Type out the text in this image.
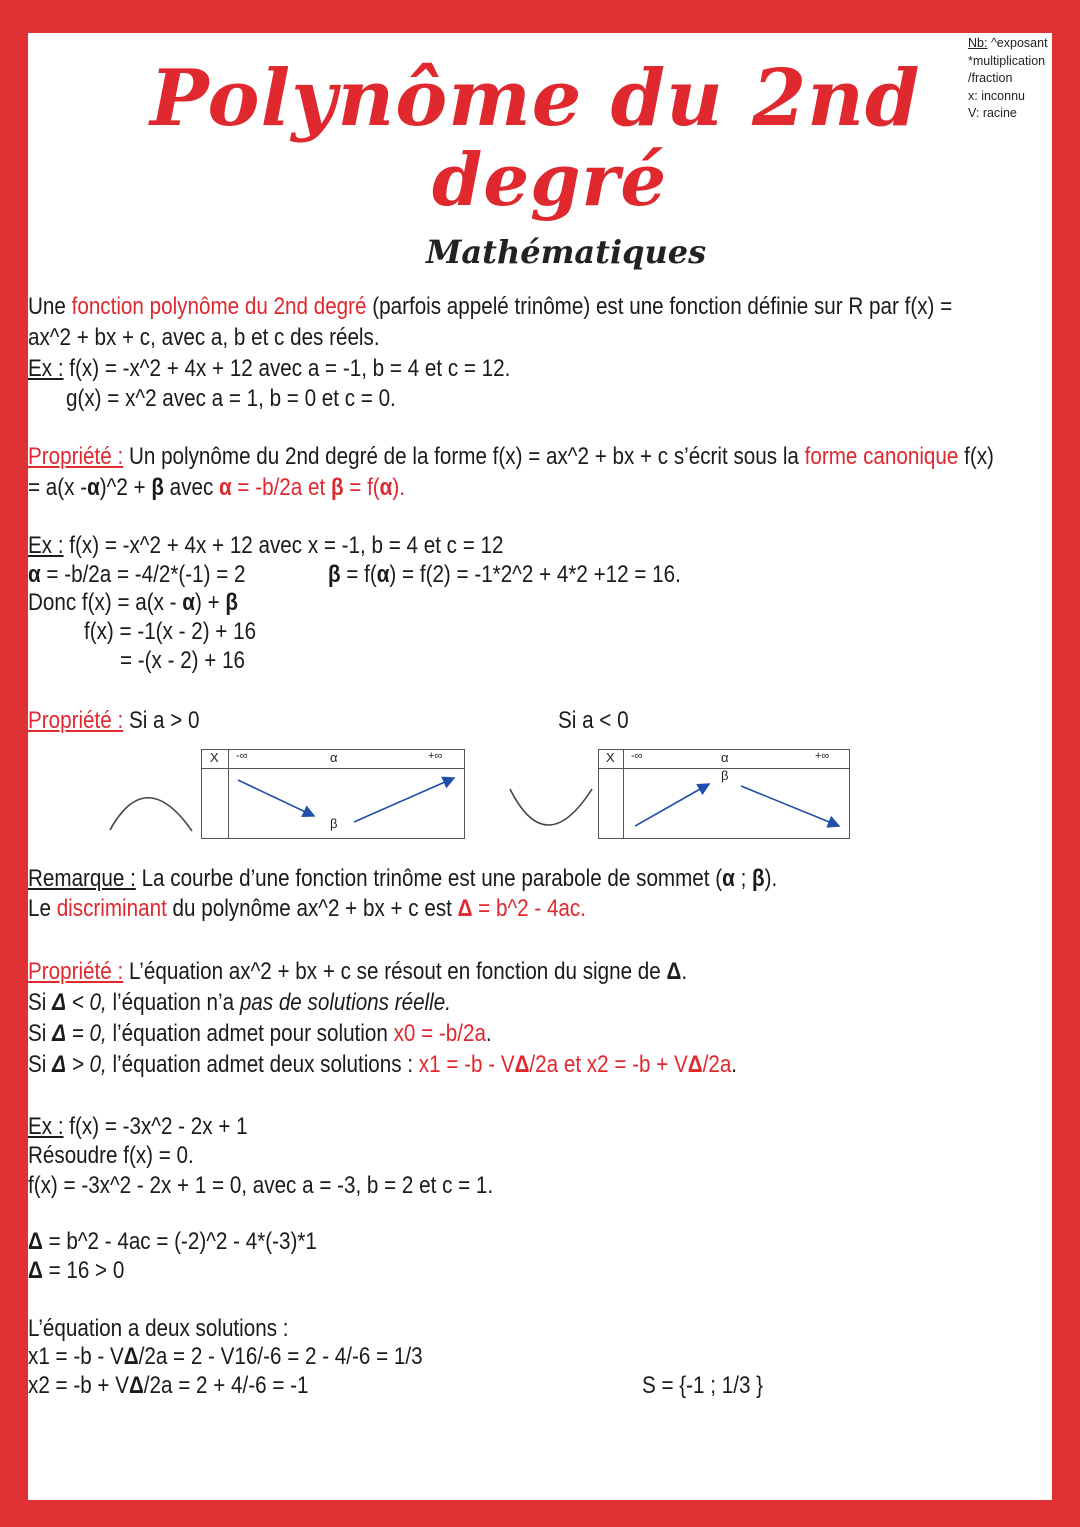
Polynôme du 2nd
degré
Mathématiques
Nb: ^exposant
*multiplication
/fraction
x: inconnu
V: racine
Une fonction polynôme du 2nd degré (parfois appelé trinôme) est une fonction définie sur R par f(x) =
ax^2 + bx + c, avec a, b et c des réels.
Ex : f(x) = -x^2 + 4x + 12 avec a = -1, b = 4 et c = 12.
g(x) = x^2 avec a = 1, b = 0 et c = 0.
Propriété : Un polynôme du 2nd degré de la forme f(x) = ax^2 + bx + c s’écrit sous la forme canonique f(x)
= a(x -α)^2 + β avec α = -b/2a et β = f(α).
Ex : f(x) = -x^2 + 4x + 12 avec x = -1, b = 4 et c = 12
α = -b/2a = -4/2*(-1) = 2	β = f(α) = f(2) = -1*2^2 + 4*2 +12 = 16.
Donc f(x) = a(x - α) + β
f(x) = -1(x - 2) + 16
= -(x - 2) + 16
Propriété : Si a > 0	Si a < 0
X -∞	α	+∞
β
X -∞	α	+∞
β
Remarque : La courbe d’une fonction trinôme est une parabole de sommet (α ; β).
Le discriminant du polynôme ax^2 + bx + c est Δ = b^2 - 4ac.
Propriété : L’équation ax^2 + bx + c se résout en fonction du signe de Δ.
Si Δ < 0, l’équation n’a pas de solutions réelle.
Si Δ = 0, l’équation admet pour solution x0 = -b/2a.
Si Δ > 0, l’équation admet deux solutions : x1 = -b - VΔ/2a et x2 = -b + VΔ/2a.
Ex : f(x) = -3x^2 - 2x + 1
Résoudre f(x) = 0.
f(x) = -3x^2 - 2x + 1 = 0, avec a = -3, b = 2 et c = 1.
Δ = b^2 - 4ac = (-2)^2 - 4*(-3)*1
Δ = 16 > 0
L’équation a deux solutions :
x1 = -b - VΔ/2a = 2 - V16/-6 = 2 - 4/-6 = 1/3
x2 = -b + VΔ/2a = 2 + 4/-6 = -1	S = {-1 ; 1/3 }
